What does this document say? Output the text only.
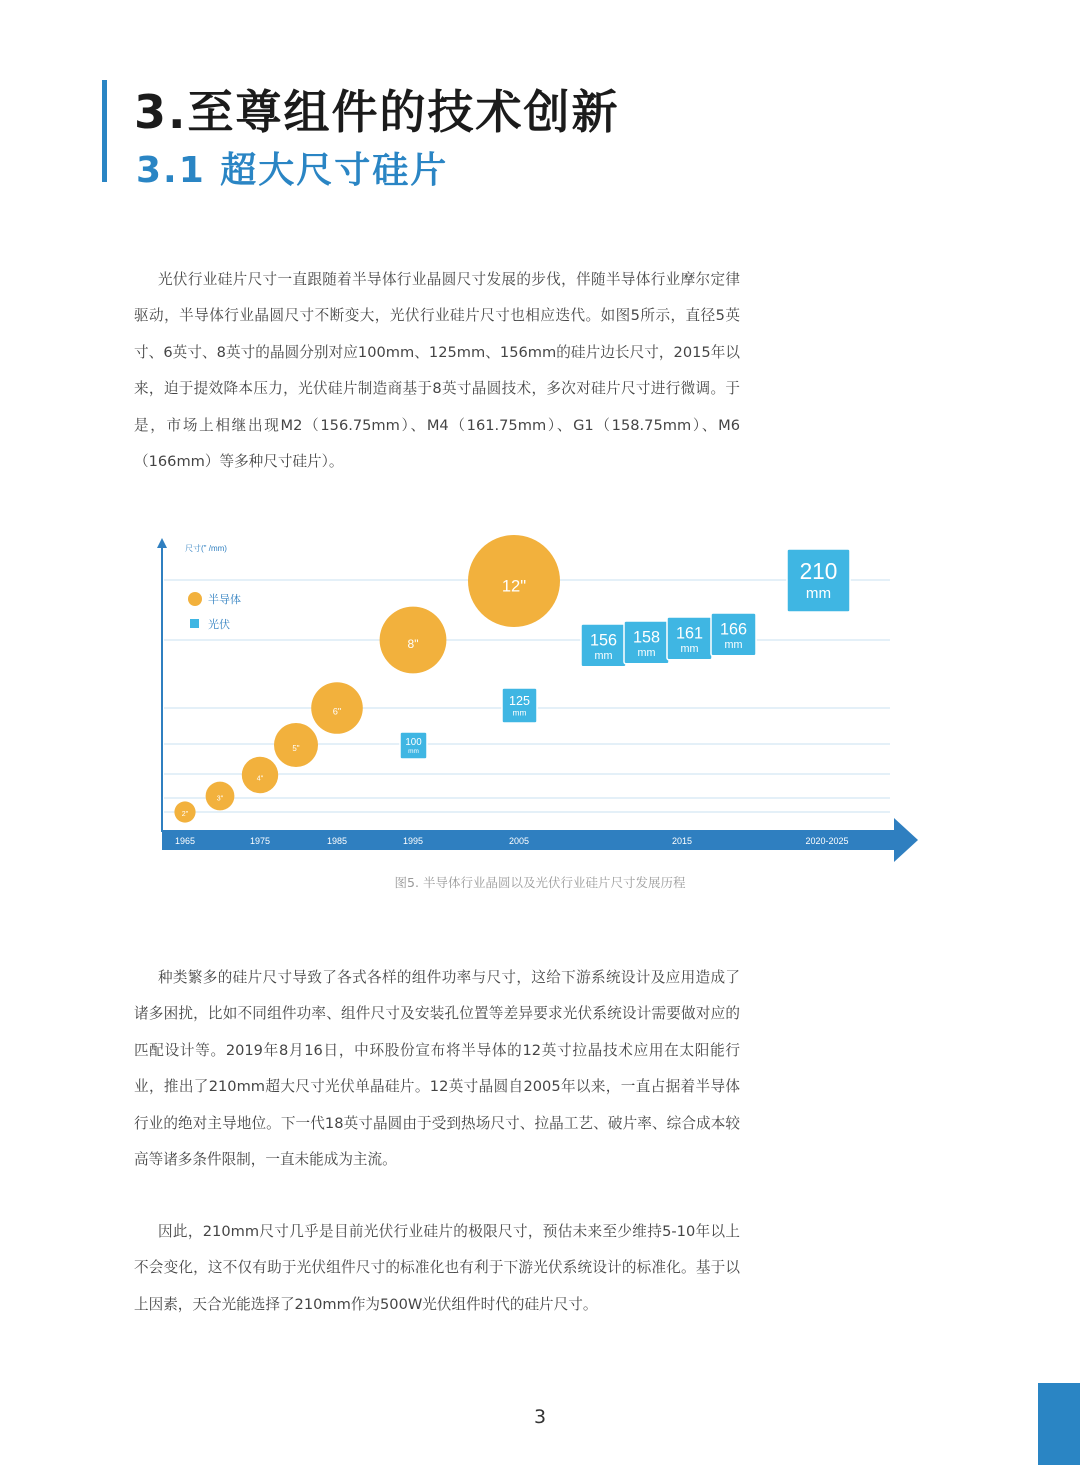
3.至尊组件的技术创新
3.1 超大尺寸硅片

光伏行业硅片尺寸一直跟随着半导体行业晶圆尺寸发展的步伐，伴随半导体行业摩尔定律驱动，半导体行业晶圆尺寸不断变大，光伏行业硅片尺寸也相应迭代。如图5所示，直径5英寸、6英寸、8英寸的晶圆分别对应100mm、125mm、156mm的硅片边长尺寸，2015年以来，迫于提效降本压力，光伏硅片制造商基于8英寸晶圆技术，多次对硅片尺寸进行微调。于是，市场上相继出现M2（156.75mm）、M4（161.75mm）、G1（158.75mm）、M6（166mm）等多种尺寸硅片）。

尺寸(" /mm)
1965	1975	1985	1995	2005	2015	2020-2025
半导体
光伏
2"
3"
4"
5"
6"
8"
12"
100
mm
125
mm
156
mm
158
mm
161
mm
166
mm
210
mm
图5. 半导体行业晶圆以及光伏行业硅片尺寸发展历程

种类繁多的硅片尺寸导致了各式各样的组件功率与尺寸，这给下游系统设计及应用造成了诸多困扰，比如不同组件功率、组件尺寸及安装孔位置等差异要求光伏系统设计需要做对应的匹配设计等。2019年8月16日，中环股份宣布将半导体的12英寸拉晶技术应用在太阳能行业，推出了210mm超大尺寸光伏单晶硅片。12英寸晶圆自2005年以来，一直占据着半导体行业的绝对主导地位。下一代18英寸晶圆由于受到热场尺寸、拉晶工艺、破片率、综合成本较高等诸多条件限制，一直未能成为主流。

因此，210mm尺寸几乎是目前光伏行业硅片的极限尺寸，预估未来至少维持5-10年以上不会变化，这不仅有助于光伏组件尺寸的标准化也有利于下游光伏系统设计的标准化。基于以上因素，天合光能选择了210mm作为500W光伏组件时代的硅片尺寸。

3
